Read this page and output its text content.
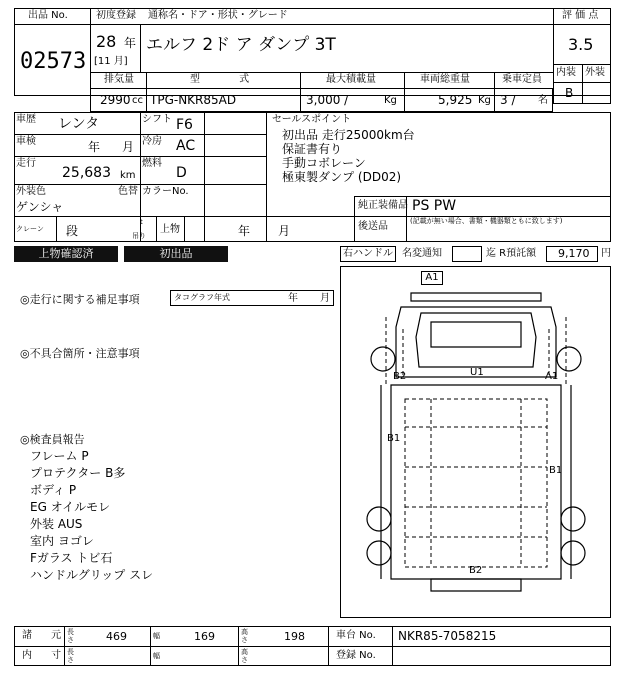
出品 No.
02573
初度登録
28 年
[11 月]
通称名・ドア・形状・グレード
エルフ 2ド ア ダンプ 3T
評 価 点
3.5
内装 外装
B
排気量
2990 cc
型 式
TPG-NKR85AD
最大積載量
3,000 /	Kg
車両総重量
5,925 Kg
乗車定員
3 / 名
車歴 レンタ	シフト F6
車検	年 月 冷房 AC
走行
25,683 km
燃料
D
外装色
ゲンシャ
色替 カラーNo.
クレーン 段
t
吊り
上物	年 月
セールスポイント
初出品 走行25000km台
保証書有り
手動コボレーン
極東製ダンプ (DD02)
純正装備品 PS PW
後送品	(記載が無い場合、書類・機器類ともに致します)
上物確認済	初出品	右ハンドル 名変通知	迄 R預託額 9,170 円
◎走行に関する補足事項	タコグラフ年式	年 月
◎不具合箇所・注意事項
◎検査員報告
フレーム P
プロテクター B多
ボディ P
EG オイルモレ
外装 AUS
室内 ヨゴレ
Fガラス トビ石
ハンドルグリップ スレ
A1
U1
B2	A1
B1
B1
B2
諸 元
長さ	469	幅	169	高さ	198	車台 No. NKR85-7058215
内 寸
長さ	幅	高さ	登録 No.
